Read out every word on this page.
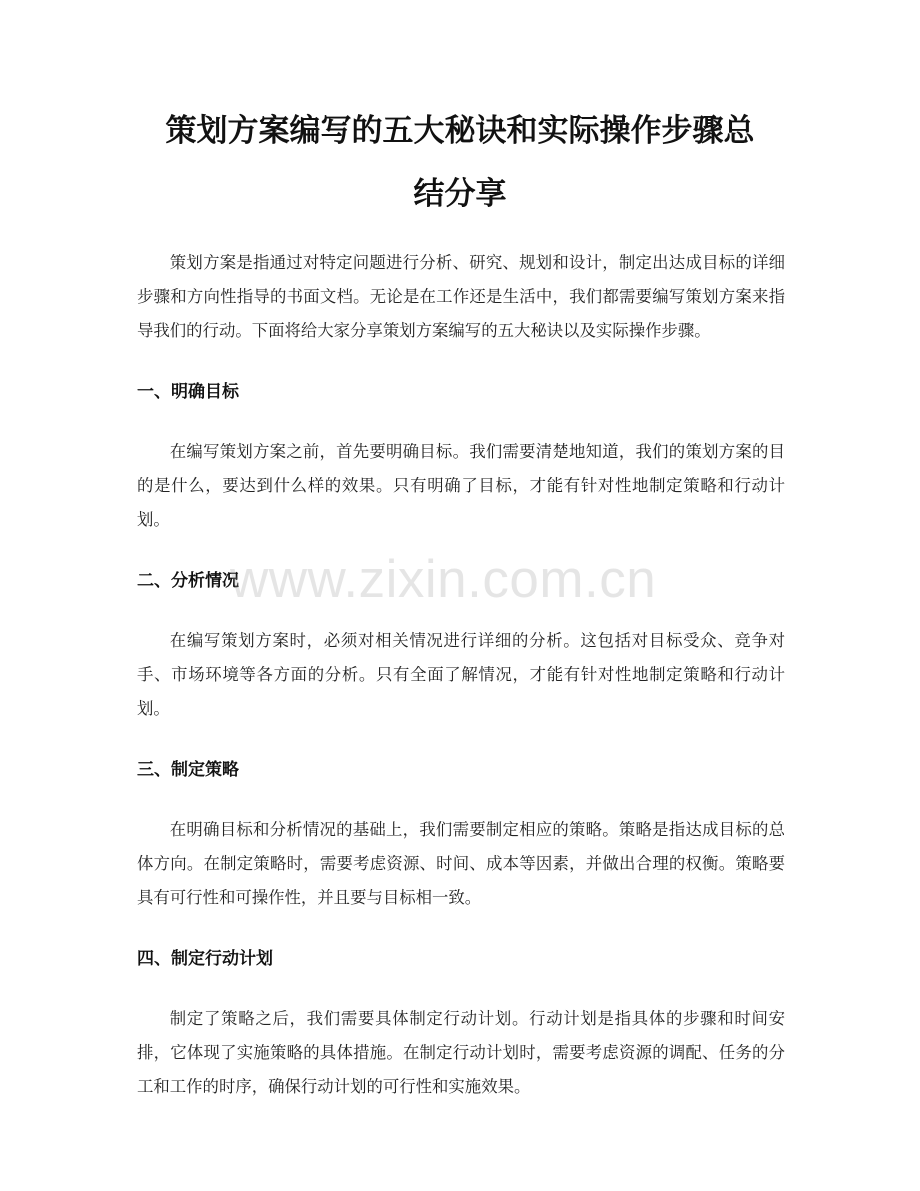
策划方案编写的五大秘诀和实际操作步骤总
结分享

策划方案是指通过对特定问题进行分析、研究、规划和设计，制定出达成目标的详细步骤和方向性指导的书面文档。无论是在工作还是生活中，我们都需要编写策划方案来指导我们的行动。下面将给大家分享策划方案编写的五大秘诀以及实际操作步骤。

一、明确目标

在编写策划方案之前，首先要明确目标。我们需要清楚地知道，我们的策划方案的目的是什么，要达到什么样的效果。只有明确了目标，才能有针对性地制定策略和行动计划。

二、分析情况

在编写策划方案时，必须对相关情况进行详细的分析。这包括对目标受众、竞争对手、市场环境等各方面的分析。只有全面了解情况，才能有针对性地制定策略和行动计划。

三、制定策略

在明确目标和分析情况的基础上，我们需要制定相应的策略。策略是指达成目标的总体方向。在制定策略时，需要考虑资源、时间、成本等因素，并做出合理的权衡。策略要具有可行性和可操作性，并且要与目标相一致。

四、制定行动计划

制定了策略之后，我们需要具体制定行动计划。行动计划是指具体的步骤和时间安排，它体现了实施策略的具体措施。在制定行动计划时，需要考虑资源的调配、任务的分工和工作的时序，确保行动计划的可行性和实施效果。

www.zixin.com.cn
